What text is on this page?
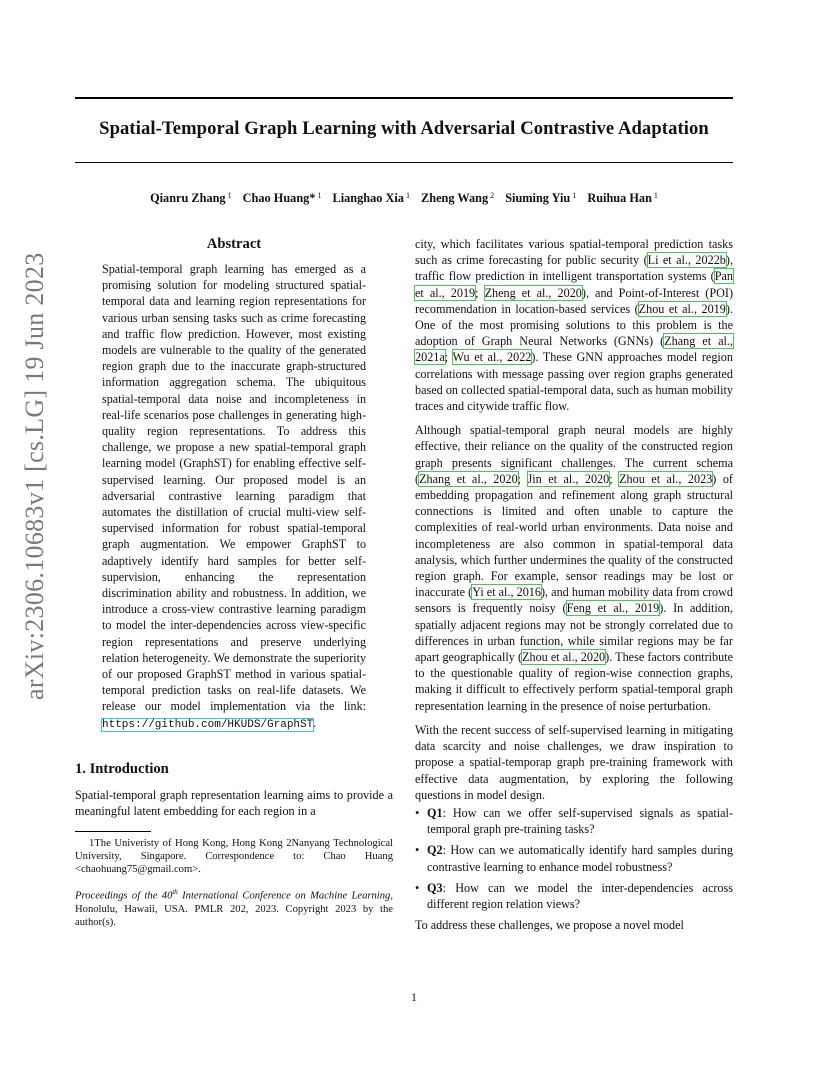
Spatial-Temporal Graph Learning with Adversarial Contrastive Adaptation
Qianru Zhang $^1$ Chao Huang* $^1$ Lianghao Xia $^1$ Zheng Wang $^2$ Siuming Yiu $^1$ Ruihua Han $^1$
arXiv:2306.10683v1 [cs.LG] 19 Jun 2023
Abstract

Spatial-temporal graph learning has emerged as a promising solution for modeling structured spatial-temporal data and learning region representations for various urban sensing tasks such as crime forecasting and traffic flow prediction. However, most existing models are vulnerable to the quality of the generated region graph due to the inaccurate graph-structured information aggregation schema. The ubiquitous spatial-temporal data noise and incompleteness in real-life scenarios pose challenges in generating high-quality region representations. To address this challenge, we propose a new spatial-temporal graph learning model (GraphST) for enabling effective self-supervised learning. Our proposed model is an adversarial contrastive learning paradigm that automates the distillation of crucial multi-view self-supervised information for robust spatial-temporal graph augmentation. We empower GraphST to adaptively identify hard samples for better self-supervision, enhancing the representation discrimination ability and robustness. In addition, we introduce a cross-view contrastive learning paradigm to model the inter-dependencies across view-specific region representations and preserve underlying relation heterogeneity. We demonstrate the superiority of our proposed GraphST method in various spatial-temporal prediction tasks on real-life datasets. We release our model implementation via the link: https://github.com/HKUDS/GraphST.

1. Introduction

Spatial-temporal graph representation learning aims to provide a meaningful latent embedding for each region in a

1The Univeristy of Hong Kong, Hong Kong 2Nanyang Technological University, Singapore. Correspondence to: Chao Huang <chaohuang75@gmail.com>.

Proceedings of the 40th International Conference on Machine Learning, Honolulu, Hawaii, USA. PMLR 202, 2023. Copyright 2023 by the author(s).

city, which facilitates various spatial-temporal prediction tasks such as crime forecasting for public security (Li et al., 2022b), traffic flow prediction in intelligent transportation systems (Pan et al., 2019; Zheng et al., 2020), and Point-of-Interest (POI) recommendation in location-based services (Zhou et al., 2019). One of the most promising solutions to this problem is the adoption of Graph Neural Networks (GNNs) (Zhang et al., 2021a; Wu et al., 2022). These GNN approaches model region correlations with message passing over region graphs generated based on collected spatial-temporal data, such as human mobility traces and citywide traffic flow.

Although spatial-temporal graph neural models are highly effective, their reliance on the quality of the constructed region graph presents significant challenges. The current schema (Zhang et al., 2020; Jin et al., 2020; Zhou et al., 2023) of embedding propagation and refinement along graph structural connections is limited and often unable to capture the complexities of real-world urban environments. Data noise and incompleteness are also common in spatial-temporal data analysis, which further undermines the quality of the constructed region graph. For example, sensor readings may be lost or inaccurate (Yi et al., 2016), and human mobility data from crowd sensors is frequently noisy (Feng et al., 2019). In addition, spatially adjacent regions may not be strongly correlated due to differences in urban function, while similar regions may be far apart geographically (Zhou et al., 2020). These factors contribute to the questionable quality of region-wise connection graphs, making it difficult to effectively perform spatial-temporal graph representation learning in the presence of noise perturbation.

With the recent success of self-supervised learning in mitigating data scarcity and noise challenges, we draw inspiration to propose a spatial-temporap graph pre-training framework with effective data augmentation, by exploring the following questions in model design.

• Q1: How can we offer self-supervised signals as spatial-temporal graph pre-training tasks?
• Q2: How can we automatically identify hard samples during contrastive learning to enhance model robustness?
• Q3: How can we model the inter-dependencies across different region relation views?

To address these challenges, we propose a novel model

1
